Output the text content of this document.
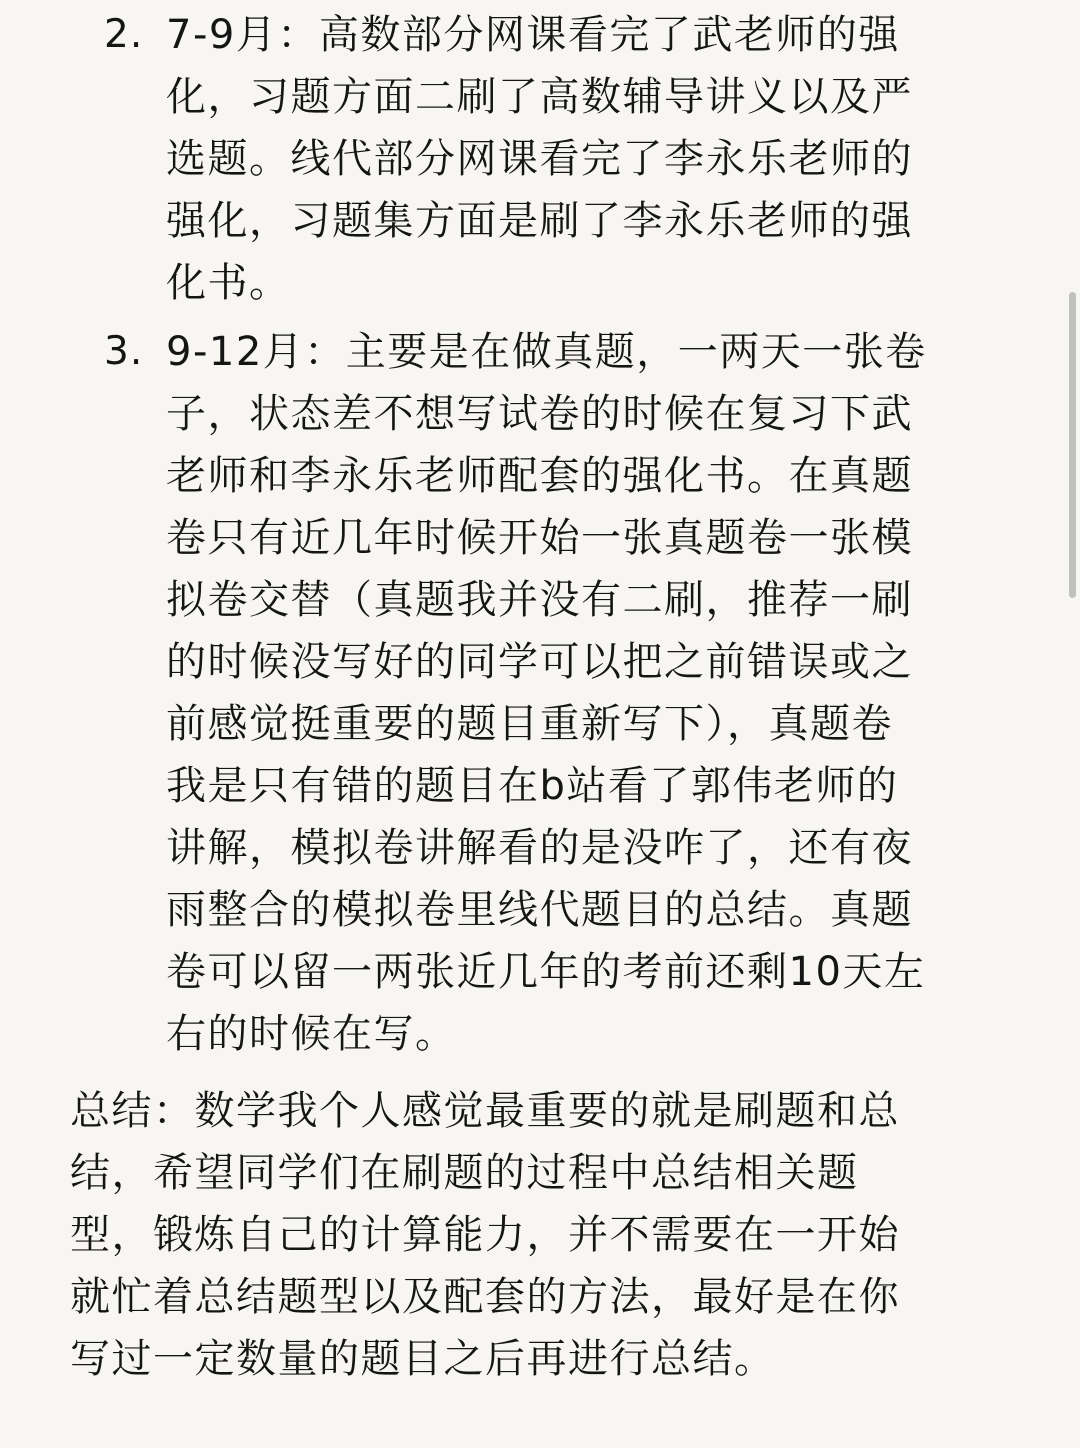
2. 7-9月：高数部分网课看完了武老师的强
化，习题方面二刷了高数辅导讲义以及严
选题。线代部分网课看完了李永乐老师的
强化，习题集方面是刷了李永乐老师的强
化书。
3. 9-12月：主要是在做真题，一两天一张卷
子，状态差不想写试卷的时候在复习下武
老师和李永乐老师配套的强化书。在真题
卷只有近几年时候开始一张真题卷一张模
拟卷交替（真题我并没有二刷，推荐一刷
的时候没写好的同学可以把之前错误或之
前感觉挺重要的题目重新写下），真题卷
我是只有错的题目在b站看了郭伟老师的
讲解，模拟卷讲解看的是没咋了，还有夜
雨整合的模拟卷里线代题目的总结。真题
卷可以留一两张近几年的考前还剩10天左
右的时候在写。
总结：数学我个人感觉最重要的就是刷题和总
结，希望同学们在刷题的过程中总结相关题
型，锻炼自己的计算能力，并不需要在一开始
就忙着总结题型以及配套的方法，最好是在你
写过一定数量的题目之后再进行总结。
